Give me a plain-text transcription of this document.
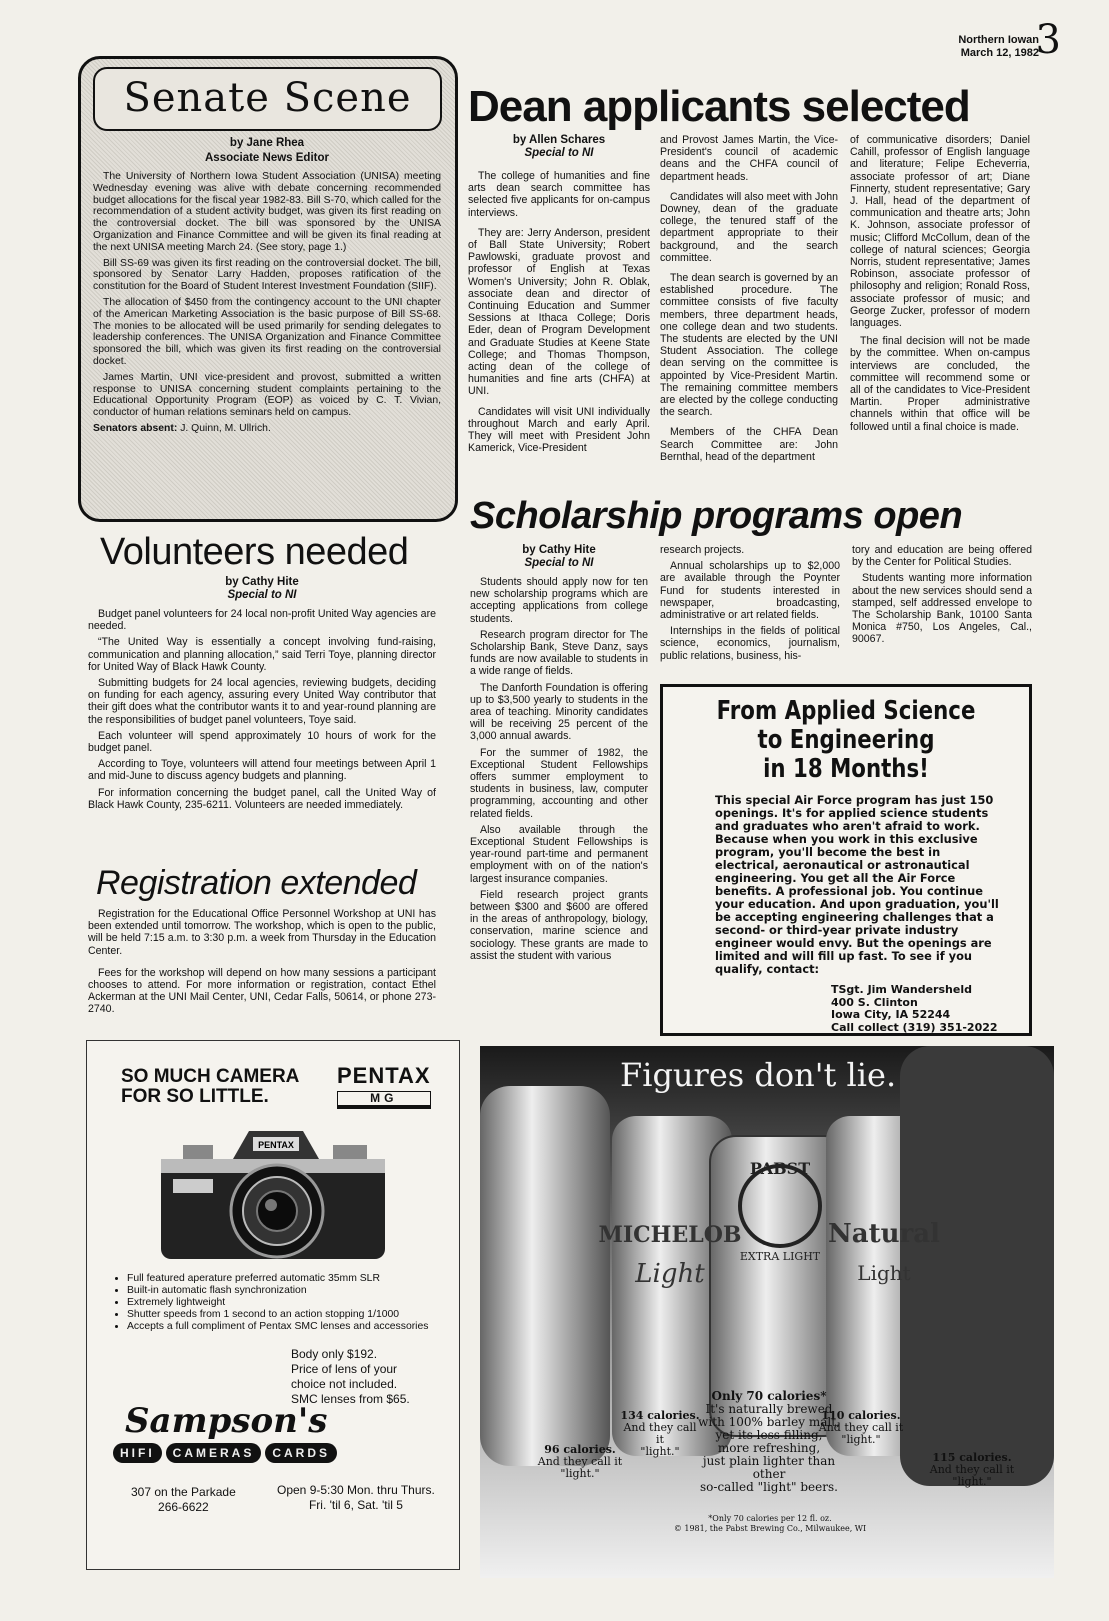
Northern Iowan
March 12, 1982
3
Senate Scene
by Jane Rhea
Associate News Editor

The University of Northern Iowa Student Association (UNISA) meeting Wednesday evening was alive with debate concerning recommended budget allocations for the fiscal year 1982-83. Bill S-70, which called for the recommendation of a student activity budget, was given its first reading on the controversial docket. The bill was sponsored by the UNISA Organization and Finance Committee and will be given its final reading at the next UNISA meeting March 24. (See story, page 1.)

Bill SS-69 was given its first reading on the controversial docket. The bill, sponsored by Senator Larry Hadden, proposes ratification of the constitution for the Board of Student Interest Investment Foundation (SIIF).

The allocation of $450 from the contingency account to the UNI chapter of the American Marketing Association is the basic purpose of Bill SS-68. The monies to be allocated will be used primarily for sending delegates to leadership conferences. The UNISA Organization and Finance Committee sponsored the bill, which was given its first reading on the controversial docket.

James Martin, UNI vice-president and provost, submitted a written response to UNISA concerning student complaints pertaining to the Educational Opportunity Program (EOP) as voiced by C. T. Vivian, conductor of human relations seminars held on campus.

Senators absent: J. Quinn, M. Ullrich.

Dean applicants selected
by Allen Schares
Special to NI

The college of humanities and fine arts dean search committee has selected five applicants for on-campus interviews.

They are: Jerry Anderson, president of Ball State University; Robert Pawlowski, graduate provost and professor of English at Texas Women's University; John R. Oblak, associate dean and director of Continuing Education and Summer Sessions at Ithaca College; Doris Eder, dean of Program Development and Graduate Studies at Keene State College; and Thomas Thompson, acting dean of the college of humanities and fine arts (CHFA) at UNI.

Candidates will visit UNI individually throughout March and early April. They will meet with President John Kamerick, Vice-President

and Provost James Martin, the Vice-President's council of academic deans and the CHFA council of department heads.

Candidates will also meet with John Downey, dean of the graduate college, the tenured staff of the department appropriate to their background, and the search committee.

The dean search is governed by an established procedure. The committee consists of five faculty members, three department heads, one college dean and two students. The students are elected by the UNI Student Association. The college dean serving on the committee is appointed by Vice-President Martin. The remaining committee members are elected by the college conducting the search.

Members of the CHFA Dean Search Committee are: John Bernthal, head of the department

of communicative disorders; Daniel Cahill, professor of English language and literature; Felipe Echeverria, associate professor of art; Diane Finnerty, student representative; Gary J. Hall, head of the department of communication and theatre arts; John K. Johnson, associate professor of music; Clifford McCollum, dean of the college of natural sciences; Georgia Norris, student representative; James Robinson, associate professor of philosophy and religion; Ronald Ross, associate professor of music; and George Zucker, professor of modern languages.

The final decision will not be made by the committee. When on-campus interviews are concluded, the committee will recommend some or all of the candidates to Vice-President Martin. Proper administrative channels within that office will be followed until a final choice is made.

Scholarship programs open
by Cathy Hite
Special to NI

Students should apply now for ten new scholarship programs which are accepting applications from college students.

Research program director for The Scholarship Bank, Steve Danz, says funds are now available to students in a wide range of fields.

The Danforth Foundation is offering up to $3,500 yearly to students in the area of teaching. Minority candidates will be receiving 25 percent of the 3,000 annual awards.

For the summer of 1982, the Exceptional Student Fellowships offers summer employment to students in business, law, computer programming, accounting and other related fields.

Also available through the Exceptional Student Fellowships is year-round part-time and permanent employment with on of the nation's largest insurance companies.

Field research project grants between $300 and $600 are offered in the areas of anthropology, biology, conservation, marine science and sociology. These grants are made to assist the student with various

research projects.

Annual scholarships up to $2,000 are available through the Poynter Fund for students interested in newspaper, broadcasting, administrative or art related fields.

Internships in the fields of political science, economics, journalism, public relations, business, his-

tory and education are being offered by the Center for Political Studies.

Students wanting more information about the new services should send a stamped, self addressed envelope to The Scholarship Bank, 10100 Santa Monica #750, Los Angeles, Cal., 90067.

From Applied Science
to Engineering
in 18 Months!
This special Air Force program has just 150 openings. It's for applied science students and graduates who aren't afraid to work. Because when you work in this exclusive program, you'll become the best in electrical, aeronautical or astronautical engineering. You get all the Air Force benefits. A professional job. You continue your education. And upon graduation, you'll be accepting engineering challenges that a second- or third-year private industry engineer would envy. But the openings are limited and will fill up fast. To see if you qualify, contact:
TSgt. Jim Wandersheld
400 S. Clinton
Iowa City, IA 52244
Call collect (319) 351-2022
Volunteers needed
by Cathy Hite
Special to NI

Budget panel volunteers for 24 local non-profit United Way agencies are needed.

“The United Way is essentially a concept involving fund-raising, communication and planning allocation,” said Terri Toye, planning director for United Way of Black Hawk County.

Submitting budgets for 24 local agencies, reviewing budgets, deciding on funding for each agency, assuring every United Way contributor that their gift does what the contributor wants it to and year-round planning are the responsibilities of budget panel volunteers, Toye said.

Each volunteer will spend approximately 10 hours of work for the budget panel.

According to Toye, volunteers will attend four meetings between April 1 and mid-June to discuss agency budgets and planning.

For information concerning the budget panel, call the United Way of Black Hawk County, 235-6211. Volunteers are needed immediately.

Registration extended

Registration for the Educational Office Personnel Workshop at UNI has been extended until tomorrow. The workshop, which is open to the public, will be held 7:15 a.m. to 3:30 p.m. a week from Thursday in the Education Center.

Fees for the workshop will depend on how many sessions a participant chooses to attend. For more information or registration, contact Ethel Ackerman at the UNI Mail Center, UNI, Cedar Falls, 50614, or phone 273-2740.

SO MUCH CAMERA
FOR SO LITTLE.
PENTAX
MG
PENTAX
• Full featured aperature preferred automatic 35mm SLR
• Built-in automatic flash synchronization
• Extremely lightweight
• Shutter speeds from 1 second to an action stopping 1/1000
• Accepts a full compliment of Pentax SMC lenses and accessories
Body only $192.
Price of lens of your
choice not included.
SMC lenses from $65.
Sampson's
HIFI	CAMERAS	CARDS
307 on the Parkade
266-6622
Open 9-5:30 Mon. thru Thurs.
Fri. 'til 6, Sat. 'til 5
PABST
EXTRA LIGHT
MICHELOB
Light
Natural
Light
Figures don't lie.
Only 70 calories*
It's naturally brewed
with 100% barley malt,
yet its less filling,
more refreshing,
just plain lighter than other
so-called "light" beers.
134 calories.
And they call it
"light."
96 calories.
And they call it
"light."
110 calories.
And they call it
"light."
115 calories.
And they call it
"light."
*Only 70 calories per 12 fl. oz.
© 1981, the Pabst Brewing Co., Milwaukee, WI
